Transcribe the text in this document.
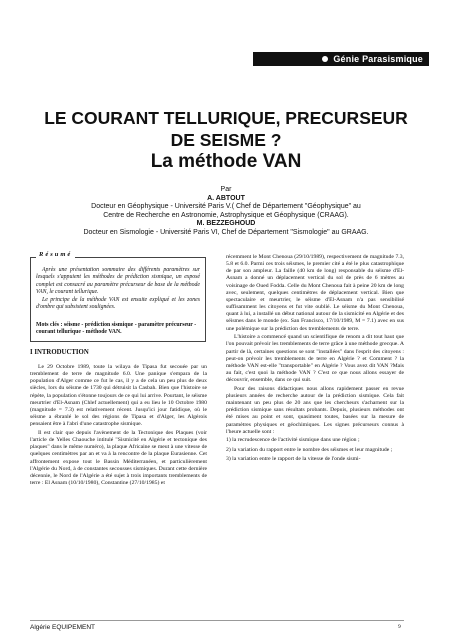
Génie Parasismique
LE COURANT TELLURIQUE, PRECURSEUR
DE SEISME ?
La méthode VAN
Par
A. ABTOUT
Docteur en Géophysique - Université Paris V.( Chef de Département "Géophysique" au
Centre de Recherche en Astronomie, Astrophysique et Géophysique (CRAAG).
M. BEZZEGHOUD
Docteur en Sismologie - Université Paris VI, Chef de Département "Sismologie" au GRAAG.
Résumé

Après une présentation sommaire des différents paramètres sur lesquels s'appuient les méthodes de prédiction sismique, un exposé complet est consacré au paramètre précurseur de base de la méthode VAN, le courant tellurique.

Le principe de la méthode VAN est ensuite expliqué et les zones d'ombre qui subsistent soulignées.

Mots clés : séisme - prédiction sismique - paramètre précurseur - courant tellurique - méthode VAN.
I INTRODUCTION

Le 29 Octobre 1989, toute la wilaya de Tipasa fut secouée par un tremblement de terre de magnitude 6.0. Une panique s'empara de la population d'Alger comme ce fut le cas, il y a de cela un peu plus de deux siècles, lors du séisme de 1730 qui détruisit la Casbah. Bien que l'histoire se répète, la population s'étonne toujours de ce qui lui arrive. Pourtant, le séisme meurtrier d'El-Asnam (Chlef actuellement) qui a eu lieu le 10 Octobre 1980 (magnitude = 7.3) est relativement récent. Jusqu'ici jour fatidique, où le séisme a ébranlé le sol des régions de Tipasa et d'Alger, les Algérois pensaient être à l'abri d'une catastrophe sismique.

Il est clair que depuis l'avènement de la Tectonique des Plaques (voir l'article de Yelles Chaouche intitulé "Sismicité en Algérie et tectonique des plaques" dans le même numéro), la plaque Africaine se meut à une vitesse de quelques centimètres par an et va à la rencontre de la plaque Eurasienne. Cet affrontement expose tout le Bassin Méditerranéen, et particulièrement l'Algérie du Nord, à de constantes secousses sismiques. Durant cette dernière décennie, le Nord de l'Algérie a été sujet à trois importants tremblements de terre : El Asnam (10/10/1980), Constantine (27/10/1985) et

récemment le Mont Chenoua (29/10/1989), respectivement de magnitude 7.3, 5.8 et 6.0. Parmi ces trois séismes, le premier cité a été le plus catastrophique de par son ampleur. La faille (40 km de long) responsable du séisme d'El-Asnam a donné un déplacement vertical du sol de près de 6 mètres au voisinage de Oued Fodda. Celle du Mont Chenoua fait à peine 20 km de long avec, seulement, quelques centimètres de déplacement vertical. Bien que spectaculaire et meurtrier, le séisme d'El-Asnam n'a pas sensibilisé suffisamment les citoyens et fut vite oublié. Le séisme du Mont Chenoua, quant à lui, a installé un début national autour de la sismicité en Algérie et des séismes dans le monde (ex. San Francisco, 17/10/1989, M = 7.1) avec en sus une polémique sur la prédiction des tremblements de terre.

L'histoire a commencé quand un scientifique de renom a dit tout haut que l'on pouvait prévoir les tremblements de terre grâce à une méthode grecque. A partir de là, certaines questions se sont "installées" dans l'esprit des citoyens : peut-on prévoir les tremblements de terre en Algérie ? et Comment ? la méthode VAN est-elle "transportable" en Algérie ? Vous avez dit VAN ?Mais au fait, c'est quoi la méthode VAN ? C'est ce que nous allons essayer de découvrir, ensemble, dans ce qui suit.

Pour des raisons didactiques nous allons rapidement passer en revue plusieurs années de recherche autour de la prédiction sismique. Cela fait maintenant un peu plus de 20 ans que les chercheurs s'acharnent sur la prédiction sismique sans résultats probants. Depuis, plusieurs méthodes ont été mises au point et sont, quasiment toutes, basées sur la mesure de paramètres physiques et géochimiques. Les signes précurseurs connus à l'heure actuelle sont :

1) la recrudescence de l'activité sismique dans une région ;

2) la variation du rapport entre le nombre des séismes et leur magnitude ;

3) la variation entre le rapport de la vitesse de l'onde sismi-

Algérie EQUIPEMENT	9
